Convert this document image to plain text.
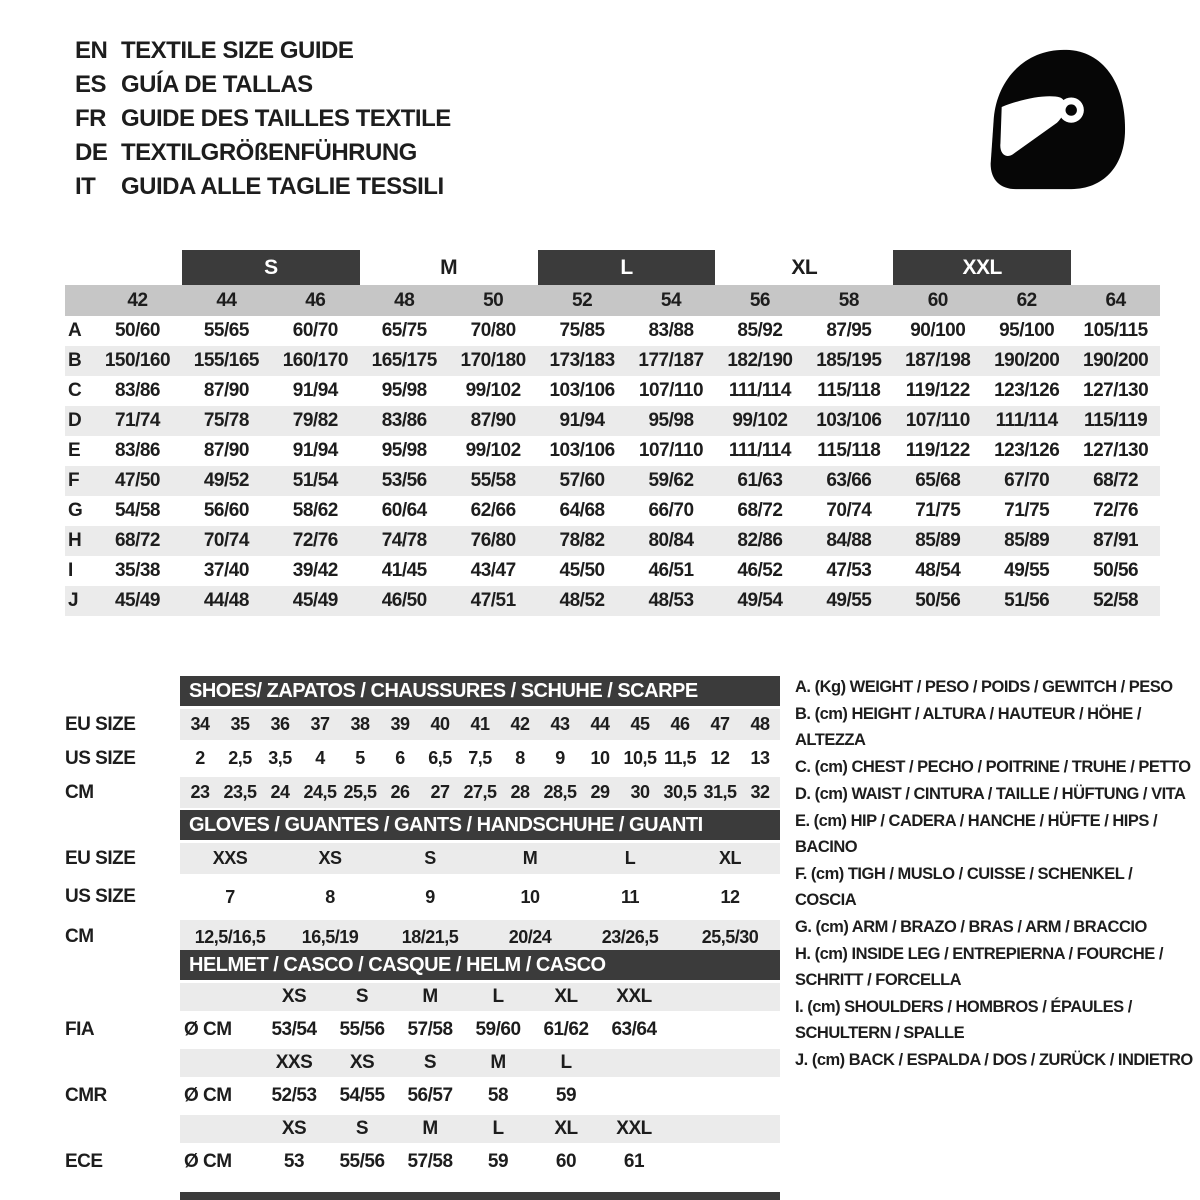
EN TEXTILE SIZE GUIDE
ES GUÍA DE TALLAS
FR GUIDE DES TAILLES TEXTILE
DE TEXTILGRÖßENFÜHRUNG
IT	GUIDA ALLE TAGLIE TESSILI
S	M	L	XL	XXL
42	44	46	48	50	52	54	56	58	60	62	64
A	50/60	55/65	60/70	65/75	70/80	75/85	83/88	85/92	87/95	90/100	95/100	105/115
B	150/160	155/165	160/170	165/175	170/180	173/183	177/187	182/190	185/195	187/198	190/200	190/200
C	83/86	87/90	91/94	95/98	99/102	103/106	107/110	111/114	115/118	119/122	123/126	127/130
D	71/74	75/78	79/82	83/86	87/90	91/94	95/98	99/102	103/106	107/110	111/114	115/119
E	83/86	87/90	91/94	95/98	99/102	103/106	107/110	111/114	115/118	119/122	123/126	127/130
F	47/50	49/52	51/54	53/56	55/58	57/60	59/62	61/63	63/66	65/68	67/70	68/72
G	54/58	56/60	58/62	60/64	62/66	64/68	66/70	68/72	70/74	71/75	71/75	72/76
H	68/72	70/74	72/76	74/78	76/80	78/82	80/84	82/86	84/88	85/89	85/89	87/91
I	35/38	37/40	39/42	41/45	43/47	45/50	46/51	46/52	47/53	48/54	49/55	50/56
J	45/49	44/48	45/49	46/50	47/51	48/52	48/53	49/54	49/55	50/56	51/56	52/58
SHOES/ ZAPATOS / CHAUSSURES / SCHUHE / SCARPE
EU SIZE	34	35	36	37	38	39	40	41	42	43	44	45	46	47	48
US SIZE	2	2,5 3,5	4	5	6	6,5 7,5	8	9	10 10,5 11,5 12	13
CM	23 23,5 24 24,5 25,5 26	27 27,5 28 28,5 29	30 30,5 31,5 32
GLOVES / GUANTES / GANTS / HANDSCHUHE / GUANTI
EU SIZE	XXS	XS	S	M	L	XL
US SIZE	7	8	9	10	11	12
CM	12,5/16,5	16,5/19	18/21,5	20/24	23/26,5	25,5/30
HELMET / CASCO / CASQUE / HELM / CASCO
XS	S	M	L	XL	XXL
FIA	Ø CM	53/54	55/56	57/58	59/60	61/62	63/64
XXS	XS	S	M	L
CMR	Ø CM	52/53	54/55	56/57	58	59
XS	S	M	L	XL	XXL
ECE	Ø CM	53	55/56	57/58	59	60	61
A. (Kg) WEIGHT / PESO / POIDS / GEWITCH / PESO
B. (cm) HEIGHT / ALTURA / HAUTEUR / HÖHE / ALTEZZA
C. (cm) CHEST / PECHO / POITRINE / TRUHE / PETTO
D. (cm) WAIST / CINTURA / TAILLE / HÜFTUNG / VITA
E. (cm) HIP / CADERA / HANCHE / HÜFTE / HIPS / BACINO
F. (cm) TIGH / MUSLO / CUISSE / SCHENKEL / COSCIA
G. (cm) ARM / BRAZO / BRAS / ARM / BRACCIO
H. (cm) INSIDE LEG / ENTREPIERNA / FOURCHE / SCHRITT / FORCELLA
I. (cm) SHOULDERS / HOMBROS / ÉPAULES / SCHULTERN / SPALLE
J. (cm) BACK / ESPALDA / DOS / ZURÜCK / INDIETRO
